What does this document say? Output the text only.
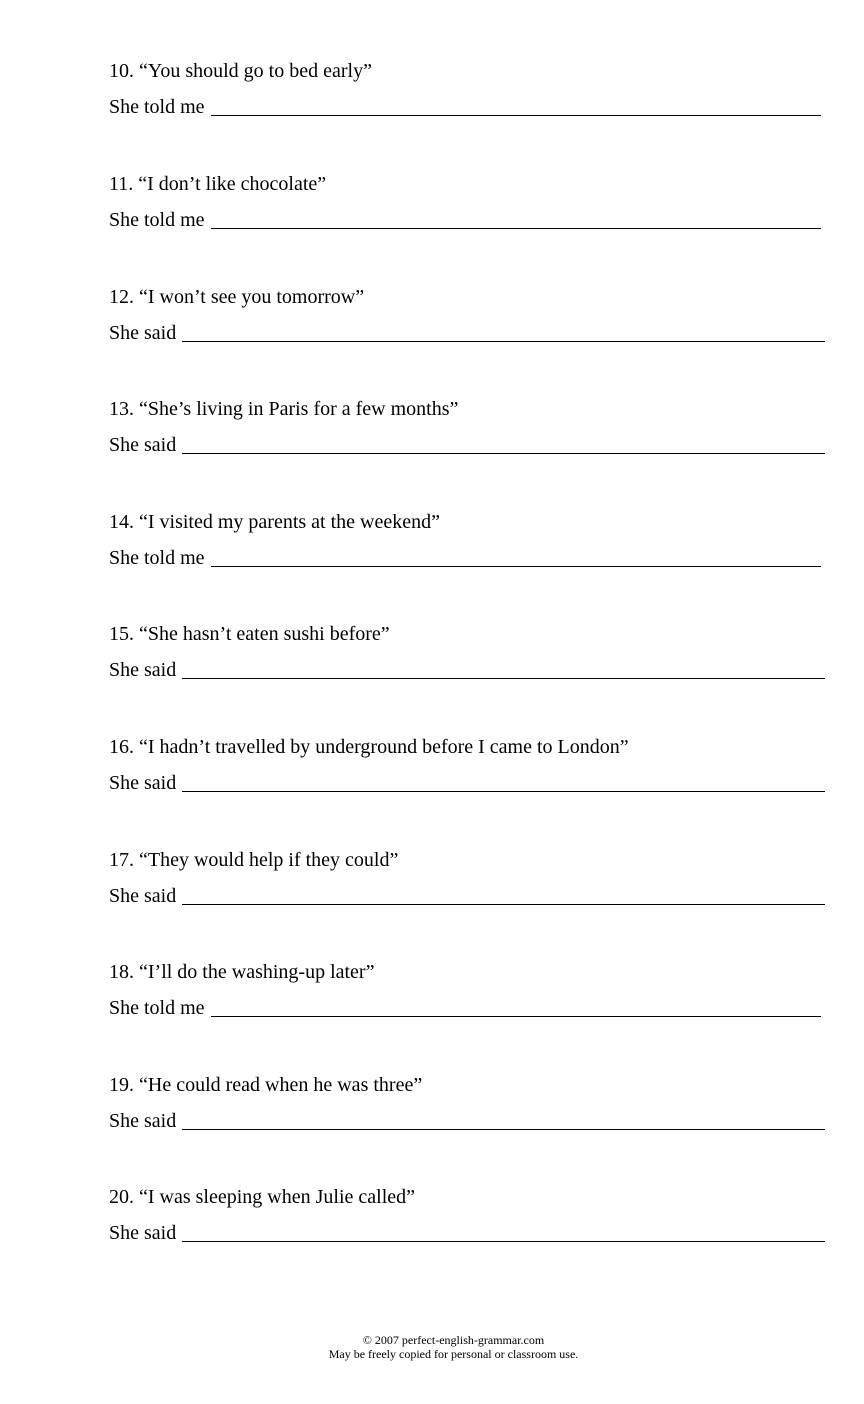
10. “You should go to bed early”
She told me
11. “I don’t like chocolate”
She told me
12. “I won’t see you tomorrow”
She said
13. “She’s living in Paris for a few months”
She said
14. “I visited my parents at the weekend”
She told me
15. “She hasn’t eaten sushi before”
She said
16. “I hadn’t travelled by underground before I came to London”
She said
17. “They would help if they could”
She said
18. “I’ll do the washing-up later”
She told me
19. “He could read when he was three”
She said
20. “I was sleeping when Julie called”
She said
© 2007 perfect-english-grammar.com
May be freely copied for personal or classroom use.
